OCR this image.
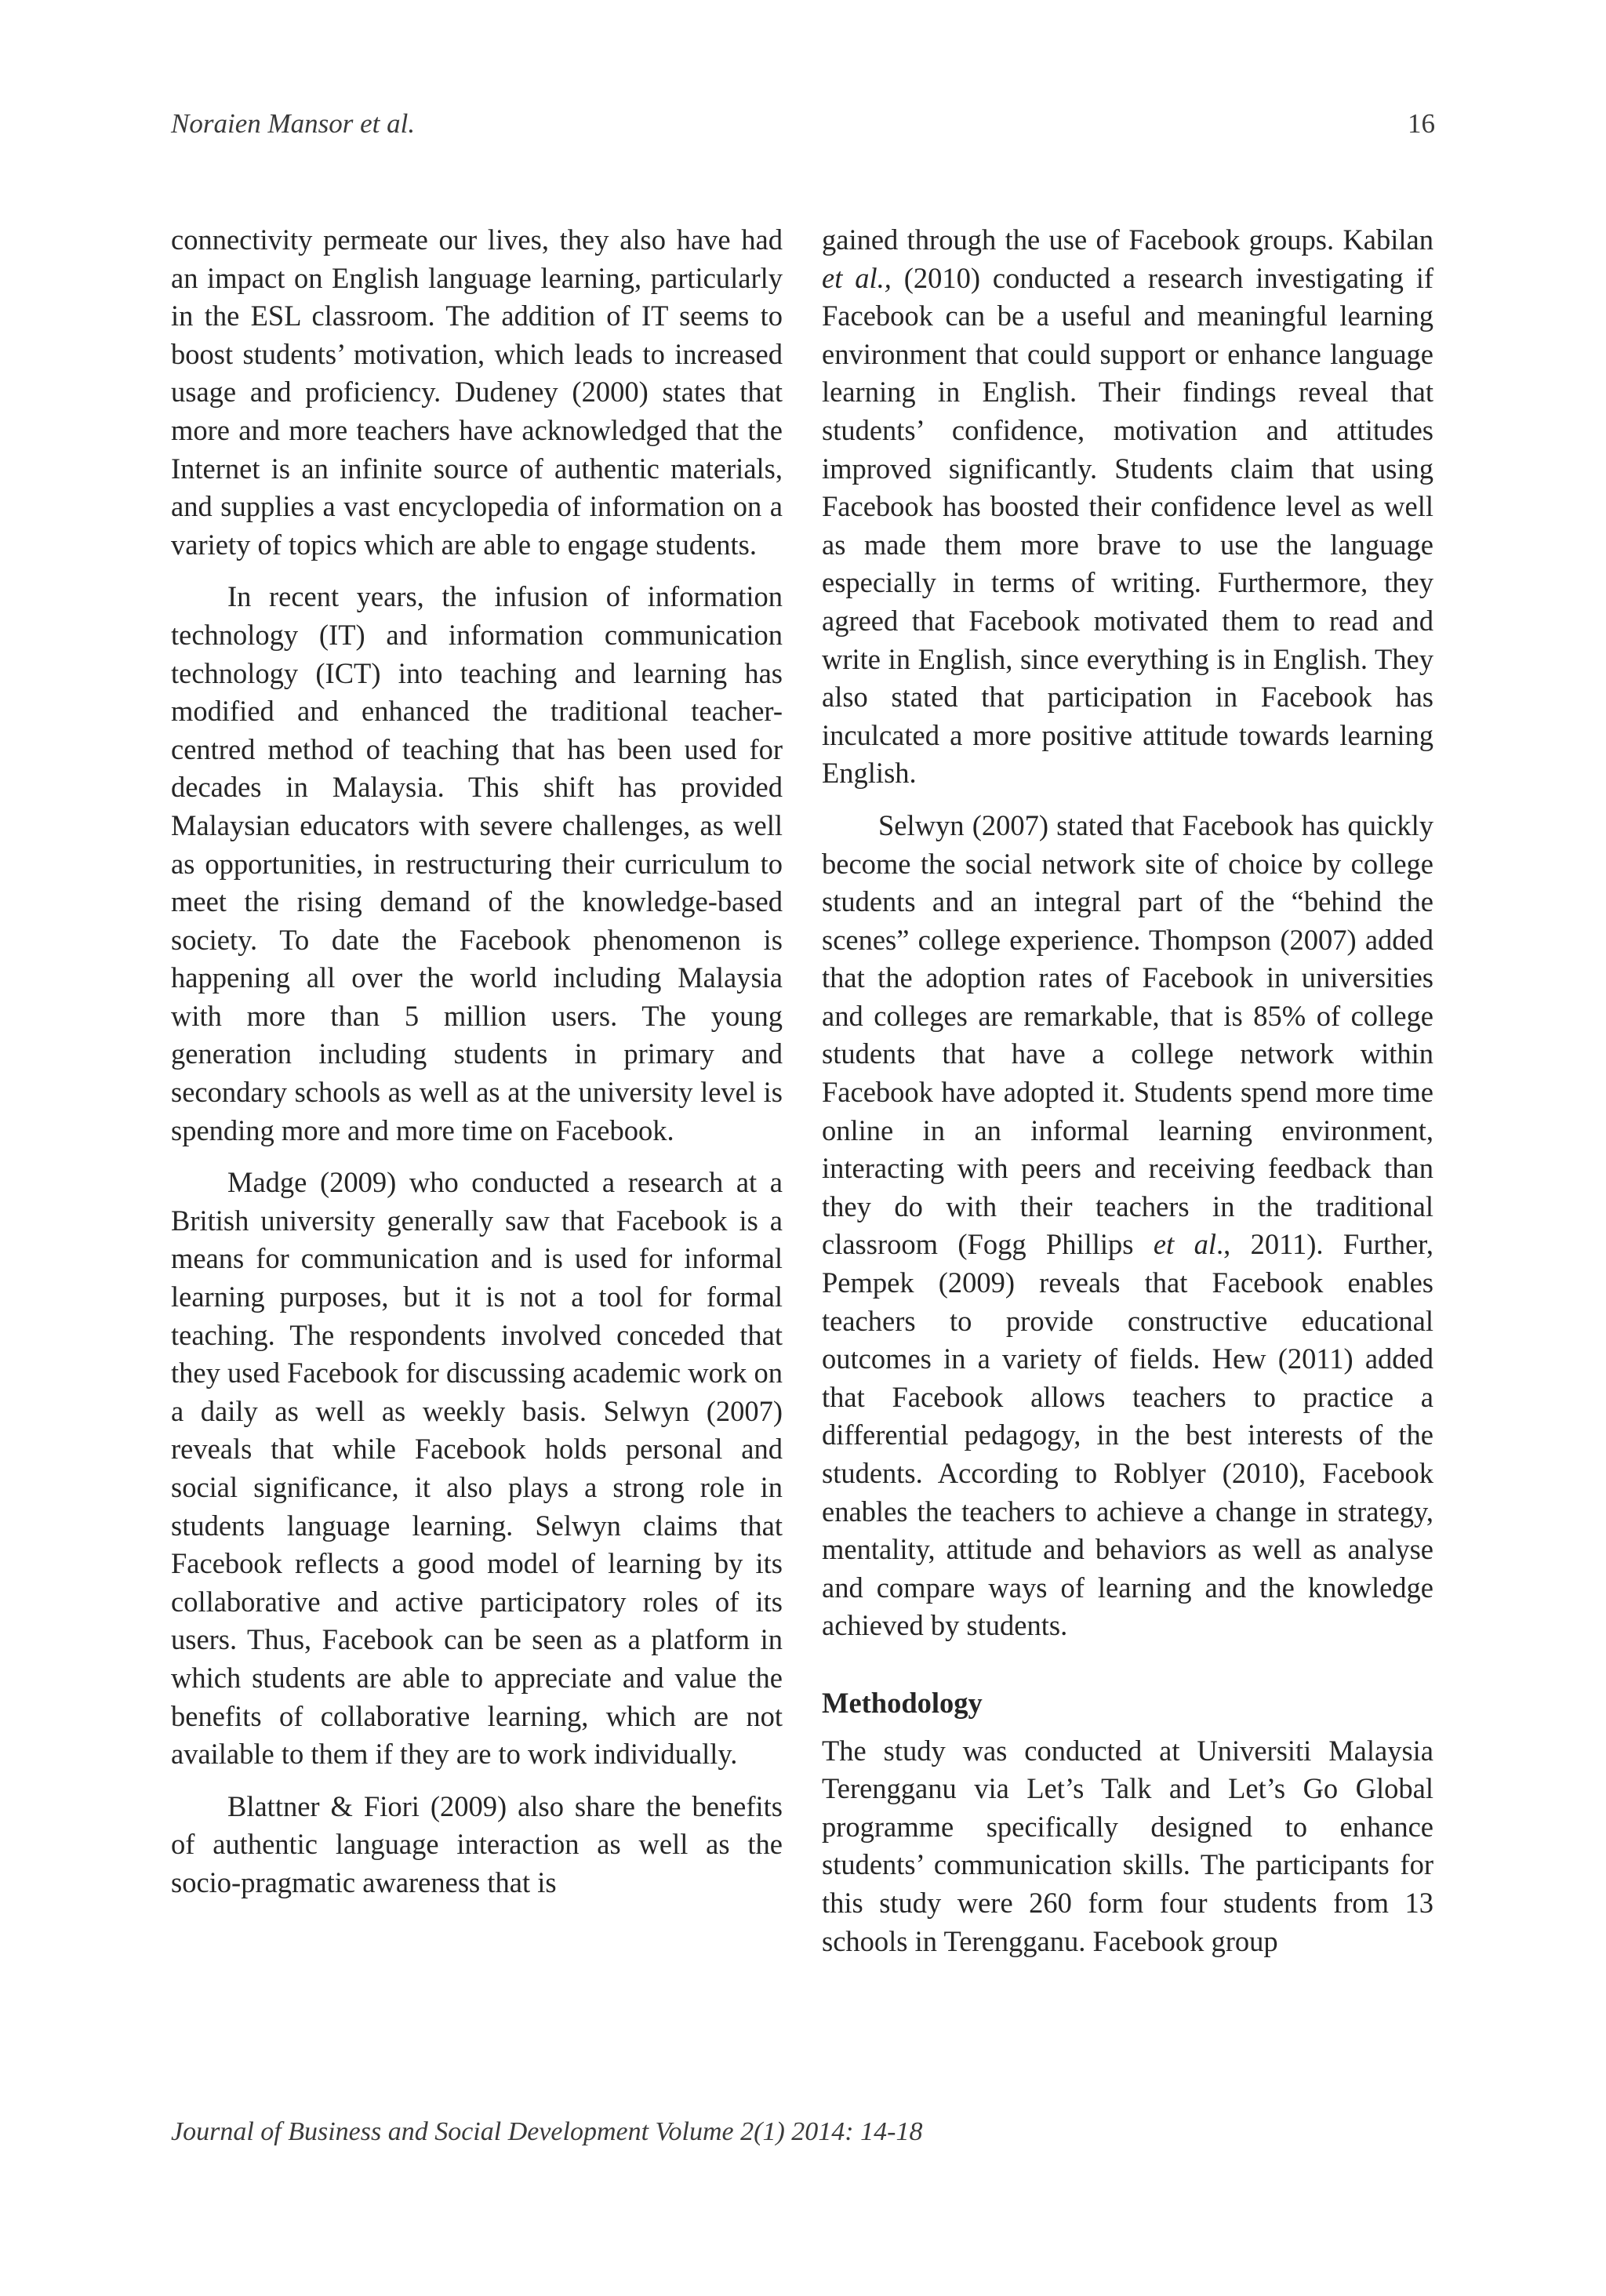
Noraien Mansor et al.	16

connectivity permeate our lives, they also have had an impact on English language learning, particularly in the ESL classroom. The addition of IT seems to boost students’ motivation, which leads to increased usage and proficiency. Dudeney (2000) states that more and more teachers have acknowledged that the Internet is an infinite source of authentic materials, and supplies a vast encyclopedia of information on a variety of topics which are able to engage students.

In recent years, the infusion of information technology (IT) and information communication technology (ICT) into teaching and learning has modified and enhanced the traditional teacher-centred method of teaching that has been used for decades in Malaysia. This shift has provided Malaysian educators with severe challenges, as well as opportunities, in restructuring their curriculum to meet the rising demand of the knowledge-based society. To date the Facebook phenomenon is happening all over the world including Malaysia with more than 5 million users. The young generation including students in primary and secondary schools as well as at the university level is spending more and more time on Facebook.

Madge (2009) who conducted a research at a British university generally saw that Facebook is a means for communication and is used for informal learning purposes, but it is not a tool for formal teaching. The respondents involved conceded that they used Facebook for discussing academic work on a daily as well as weekly basis. Selwyn (2007) reveals that while Facebook holds personal and social significance, it also plays a strong role in students language learning. Selwyn claims that Facebook reflects a good model of learning by its collaborative and active participatory roles of its users. Thus, Facebook can be seen as a platform in which students are able to appreciate and value the benefits of collaborative learning, which are not available to them if they are to work individually.

Blattner & Fiori (2009) also share the benefits of authentic language interaction as well as the socio-pragmatic awareness that is

gained through the use of Facebook groups. Kabilan et al., (2010) conducted a research investigating if Facebook can be a useful and meaningful learning environment that could support or enhance language learning in English. Their findings reveal that students’ confidence, motivation and attitudes improved significantly. Students claim that using Facebook has boosted their confidence level as well as made them more brave to use the language especially in terms of writing. Furthermore, they agreed that Facebook motivated them to read and write in English, since everything is in English. They also stated that participation in Facebook has inculcated a more positive attitude towards learning English.

Selwyn (2007) stated that Facebook has quickly become the social network site of choice by college students and an integral part of the “behind the scenes” college experience. Thompson (2007) added that the adoption rates of Facebook in universities and colleges are remarkable, that is 85% of college students that have a college network within Facebook have adopted it. Students spend more time online in an informal learning environment, interacting with peers and receiving feedback than they do with their teachers in the traditional classroom (Fogg Phillips et al., 2011). Further, Pempek (2009) reveals that Facebook enables teachers to provide constructive educational outcomes in a variety of fields. Hew (2011) added that Facebook allows teachers to practice a differential pedagogy, in the best interests of the students. According to Roblyer (2010), Facebook enables the teachers to achieve a change in strategy, mentality, attitude and behaviors as well as analyse and compare ways of learning and the knowledge achieved by students.

Methodology

The study was conducted at Universiti Malaysia Terengganu via Let’s Talk and Let’s Go Global programme specifically designed to enhance students’ communication skills. The participants for this study were 260 form four students from 13 schools in Terengganu. Facebook group

Journal of Business and Social Development Volume 2(1) 2014: 14-18
